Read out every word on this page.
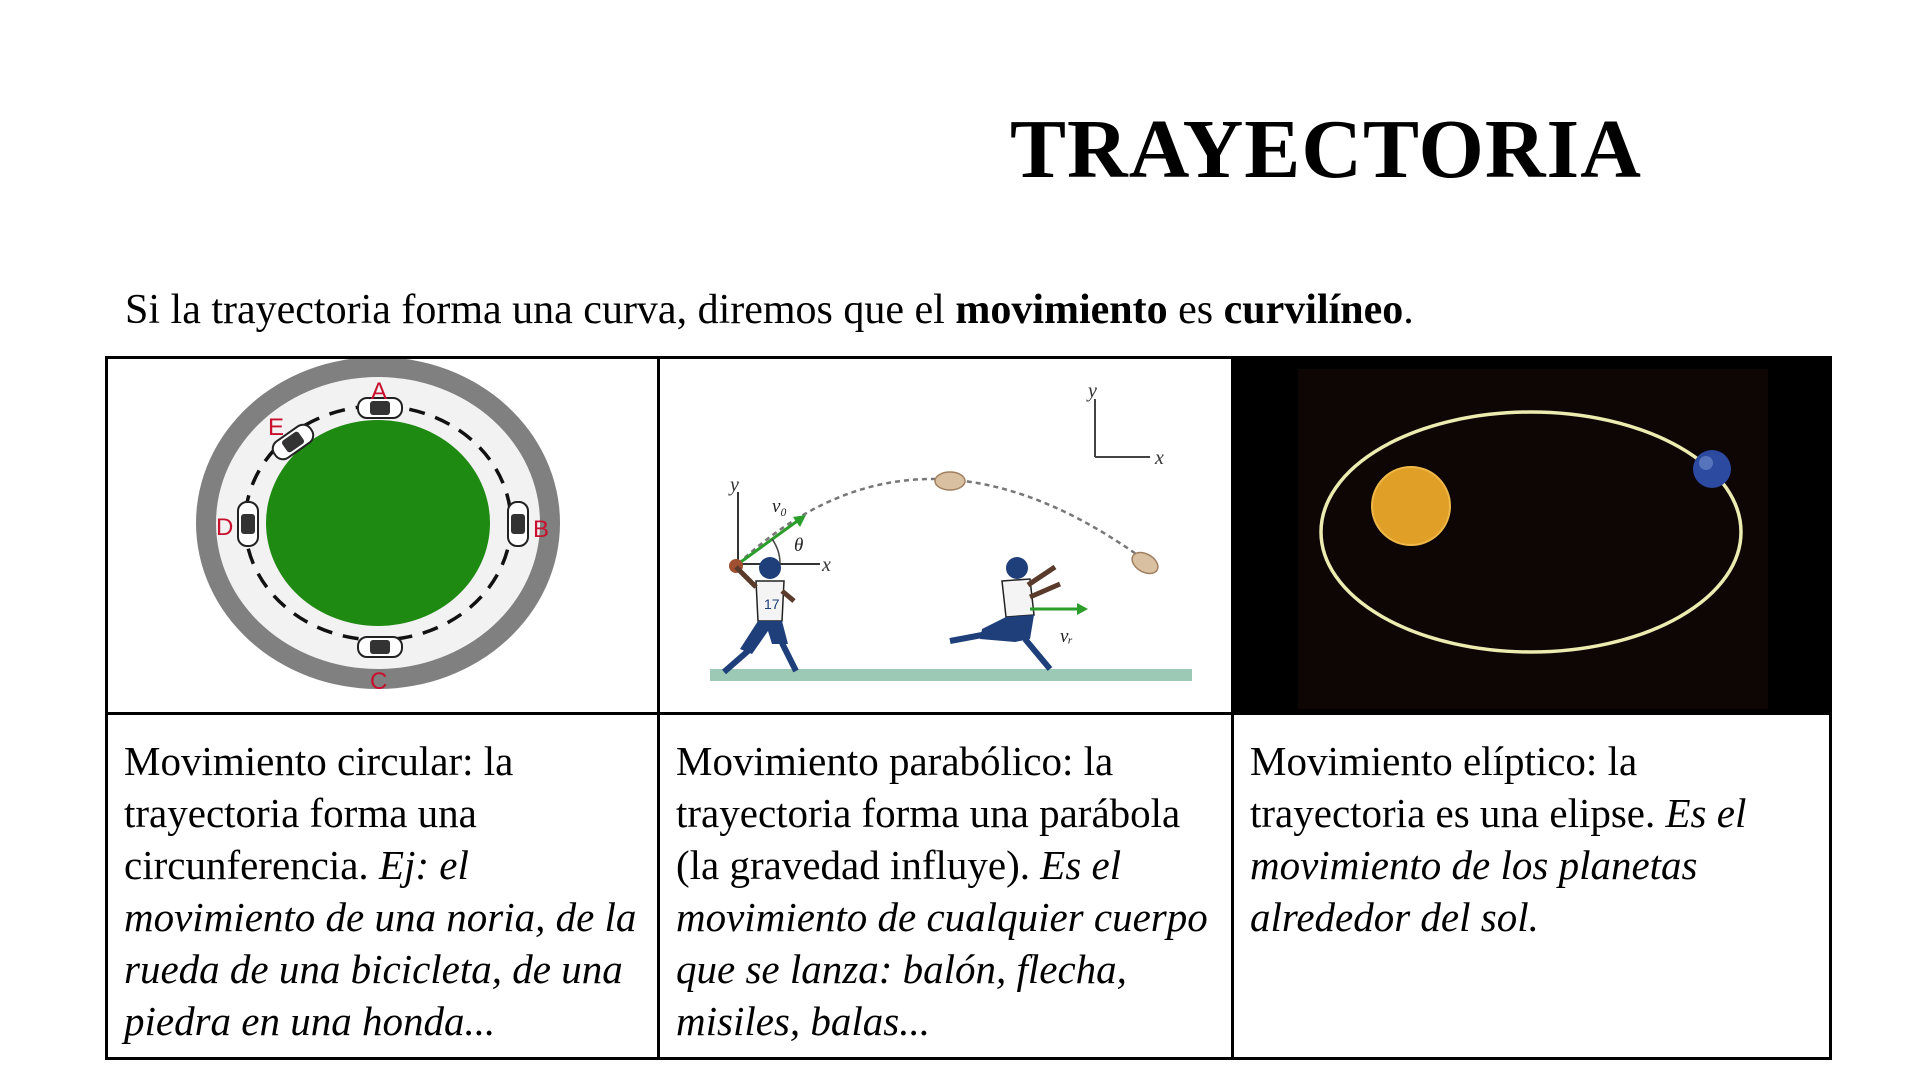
TRAYECTORIA

Si la trayectoria forma una curva, diremos que el movimiento es curvilíneo.

A
B
C
D
E
y
x
y
x
v₀
θ
17
vᵣ
Movimiento circular: la trayectoria forma una circunferencia. Ej: el movimiento de una noria, de la rueda de una bicicleta, de una piedra en una honda...
Movimiento parabólico: la trayectoria forma una parábola (la gravedad influye). Es el movimiento de cualquier cuerpo que se lanza: balón, flecha, misiles, balas...
Movimiento elíptico: la trayectoria es una elipse. Es el movimiento de los planetas alrededor del sol.
